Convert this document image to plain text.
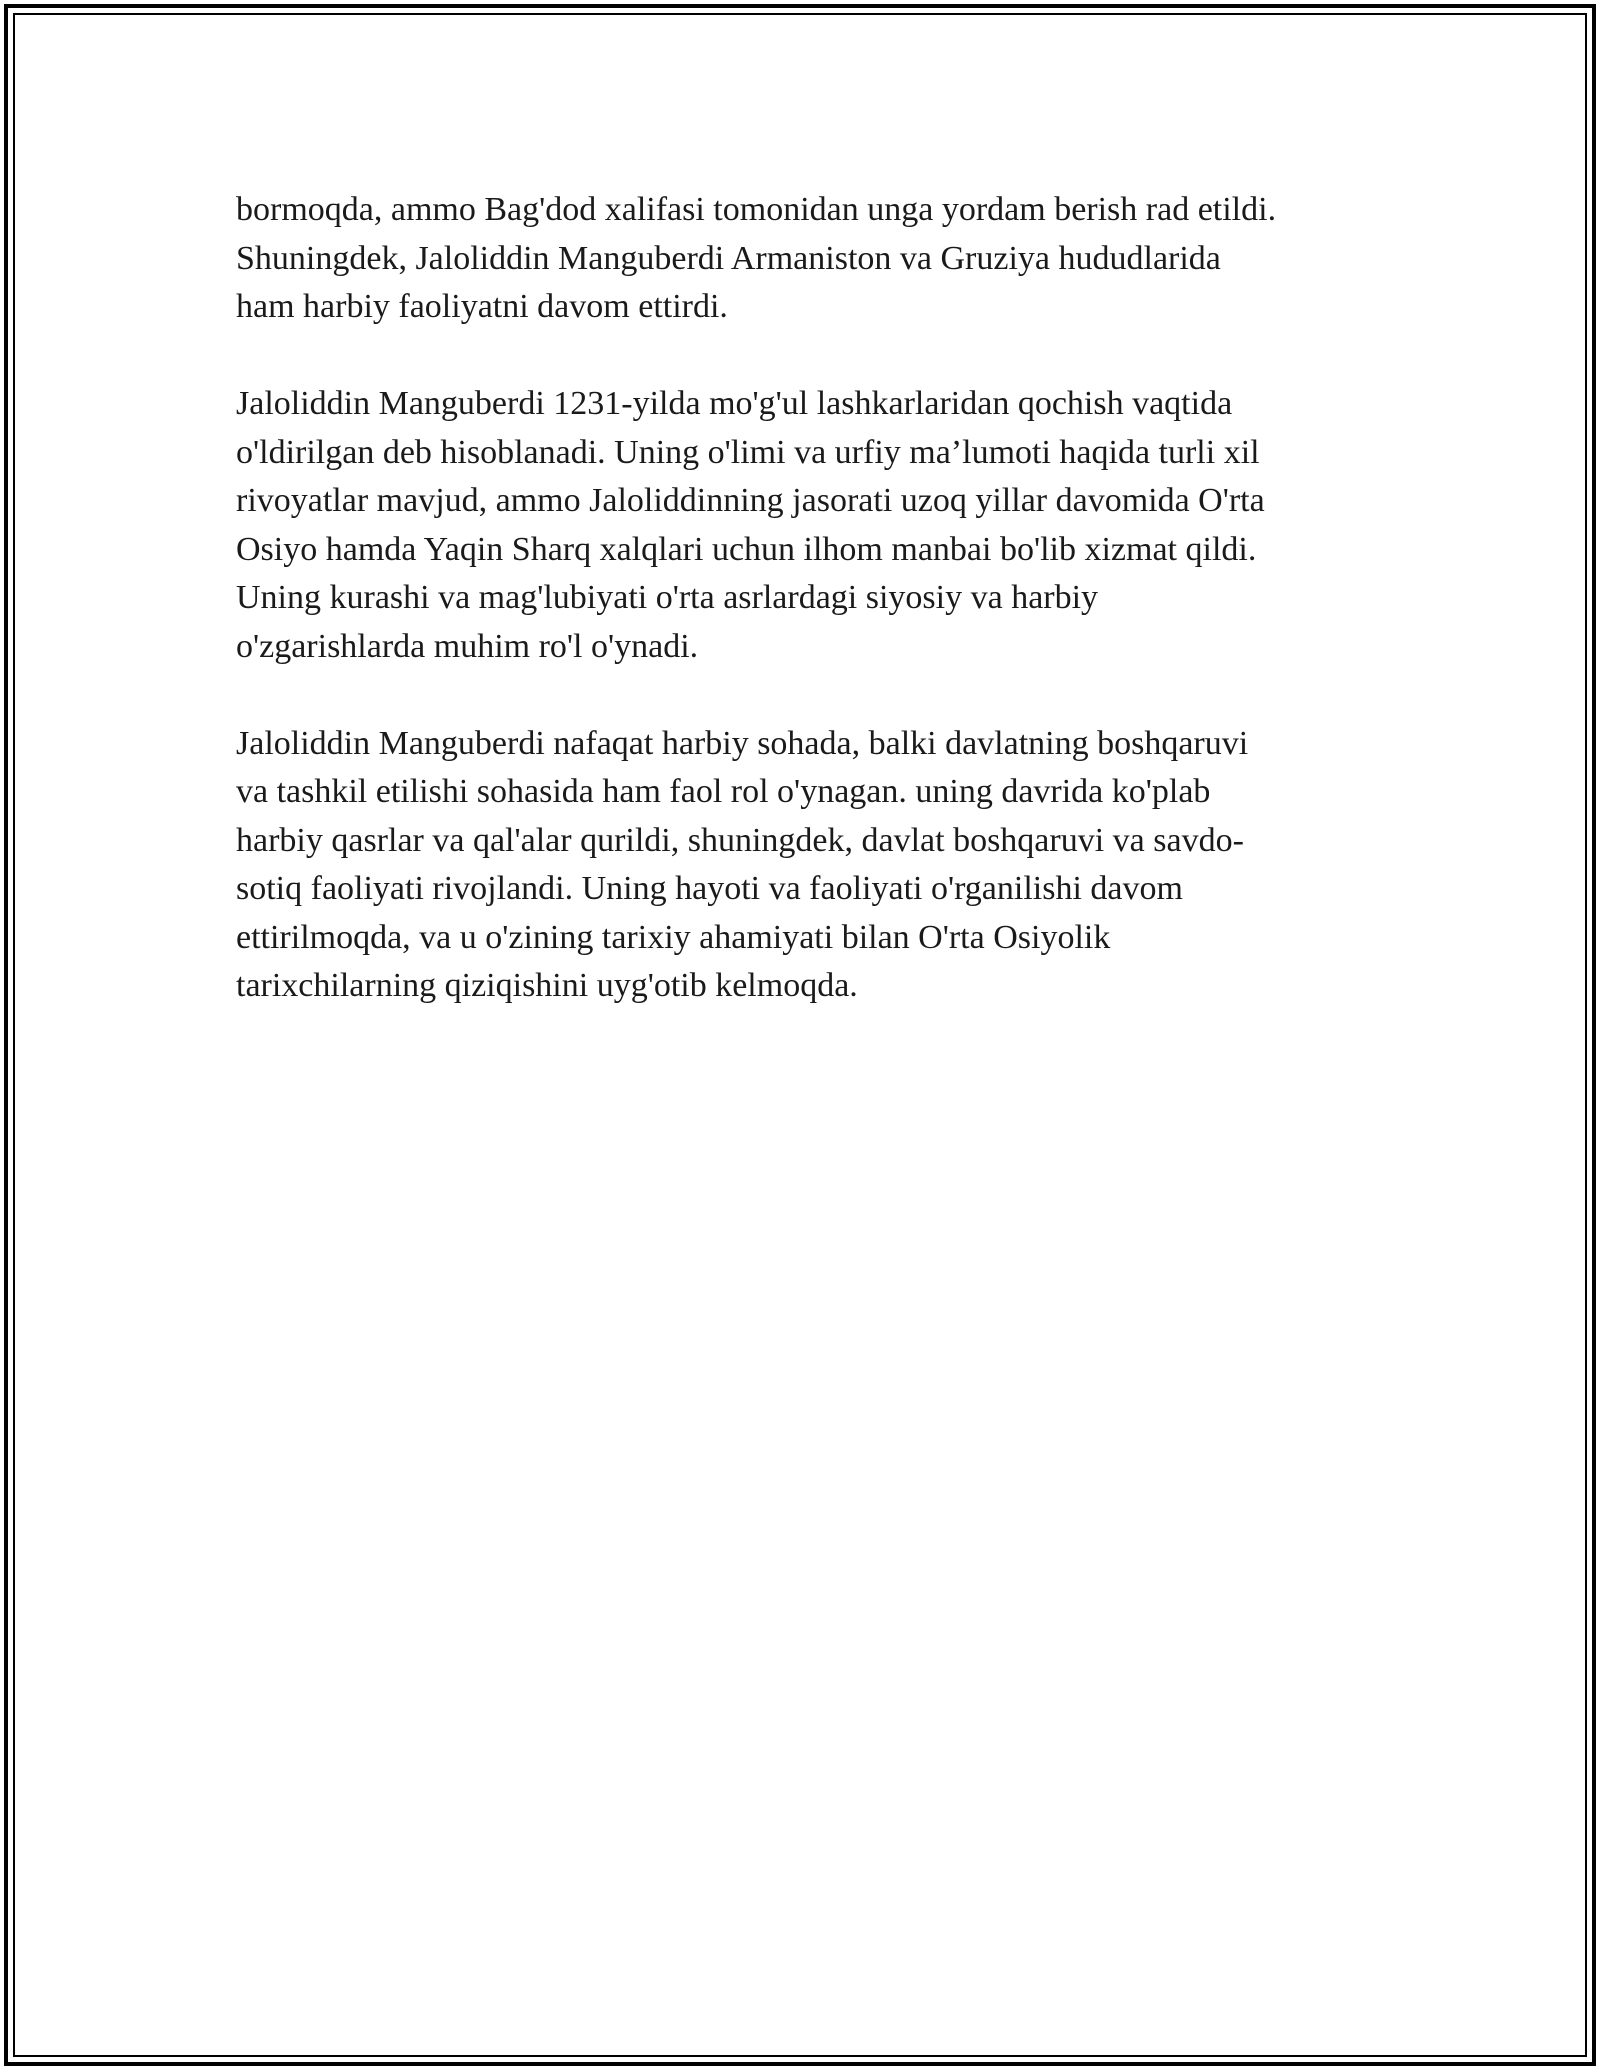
bormoqda, ammo Bag'dod xalifasi tomonidan unga yordam berish rad etildi.
Shuningdek, Jaloliddin Manguberdi Armaniston va Gruziya hududlarida
ham harbiy faoliyatni davom ettirdi.

Jaloliddin Manguberdi 1231-yilda mo'g'ul lashkarlaridan qochish vaqtida
o'ldirilgan deb hisoblanadi. Uning o'limi va urfiy ma’lumoti haqida turli xil
rivoyatlar mavjud, ammo Jaloliddinning jasorati uzoq yillar davomida O'rta
Osiyo hamda Yaqin Sharq xalqlari uchun ilhom manbai bo'lib xizmat qildi.
Uning kurashi va mag'lubiyati o'rta asrlardagi siyosiy va harbiy
o'zgarishlarda muhim ro'l o'ynadi.

Jaloliddin Manguberdi nafaqat harbiy sohada, balki davlatning boshqaruvi
va tashkil etilishi sohasida ham faol rol o'ynagan. uning davrida ko'plab
harbiy qasrlar va qal'alar qurildi, shuningdek, davlat boshqaruvi va savdo-
sotiq faoliyati rivojlandi. Uning hayoti va faoliyati o'rganilishi davom
ettirilmoqda, va u o'zining tarixiy ahamiyati bilan O'rta Osiyolik
tarixchilarning qiziqishini uyg'otib kelmoqda.
